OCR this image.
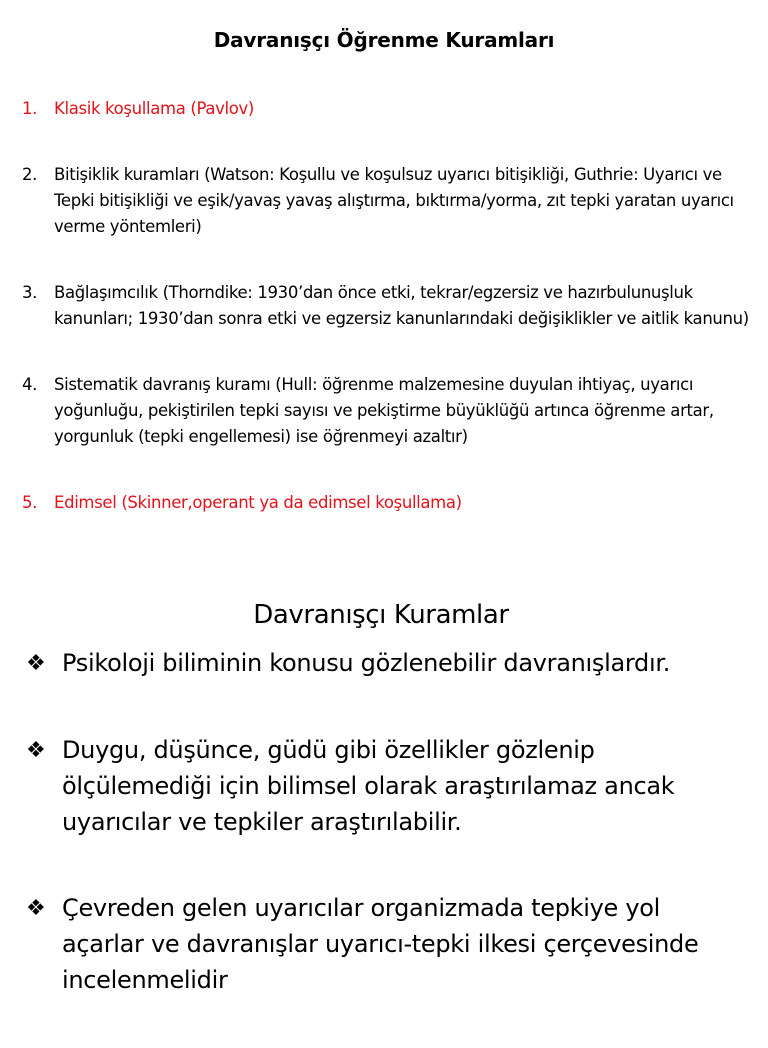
Davranışçı Öğrenme Kuramları
1.	Klasik koşullama (Pavlov)
2.	Bitişiklik kuramları (Watson: Koşullu ve koşulsuz uyarıcı bitişikliği, Guthrie: Uyarıcı ve Tepki bitişikliği ve eşik/yavaş yavaş alıştırma, bıktırma/yorma, zıt tepki yaratan uyarıcı verme yöntemleri)
3.	Bağlaşımcılık (Thorndike: 1930’dan önce etki, tekrar/egzersiz ve hazırbulunuşluk kanunları; 1930’dan sonra etki ve egzersiz kanunlarındaki değişiklikler ve aitlik kanunu)
4.	Sistematik davranış kuramı (Hull: öğrenme malzemesine duyulan ihtiyaç, uyarıcı yoğunluğu, pekiştirilen tepki sayısı ve pekiştirme büyüklüğü artınca öğrenme artar, yorgunluk (tepki engellemesi) ise öğrenmeyi azaltır)
5.	Edimsel (Skinner,operant ya da edimsel koşullama)
Davranışçı Kuramlar
❖ Psikoloji biliminin konusu gözlenebilir davranışlardır.
❖ Duygu, düşünce, güdü gibi özellikler gözlenip ölçülemediği için bilimsel olarak araştırılamaz ancak uyarıcılar ve tepkiler araştırılabilir.
❖ Çevreden gelen uyarıcılar organizmada tepkiye yol açarlar ve davranışlar uyarıcı-tepki ilkesi çerçevesinde incelenmelidir
